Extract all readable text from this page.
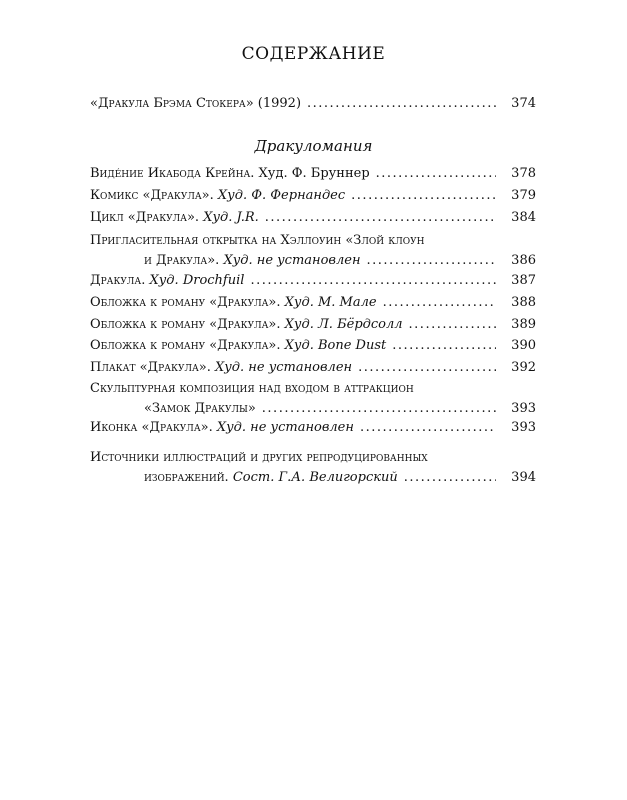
СОДЕРЖАНИЕ
«Дракула Брэма Стокера» (1992) .....	374
Дракуломания
Видéние Икабода Крейна. Худ. Ф. Бруннер .....	378
Комикс «Дракула». Худ. Ф. Фернандес .....	379
Цикл «Дракула». Худ. J.R. .....	384
Пригласительная открытка на Хэллоуин «Злой клоун
и Дракула». Худ. не установлен .....	386
Дракула. Худ. Drochfuil .....	387
Обложка к роману «Дракула». Худ. М. Мале .....	388
Обложка к роману «Дракула». Худ. Л. Бёрдсолл .....	389
Обложка к роману «Дракула». Худ. Bone Dust .....	390
Плакат «Дракула». Худ. не установлен .....	392
Скульптурная композиция над входом в аттракцион
«Замок Дракулы» .....	393
Иконка «Дракула». Худ. не установлен .....	393
Источники иллюстраций и других репродуцированных
изображений. Сост. Г.А. Велигорский .....	394
